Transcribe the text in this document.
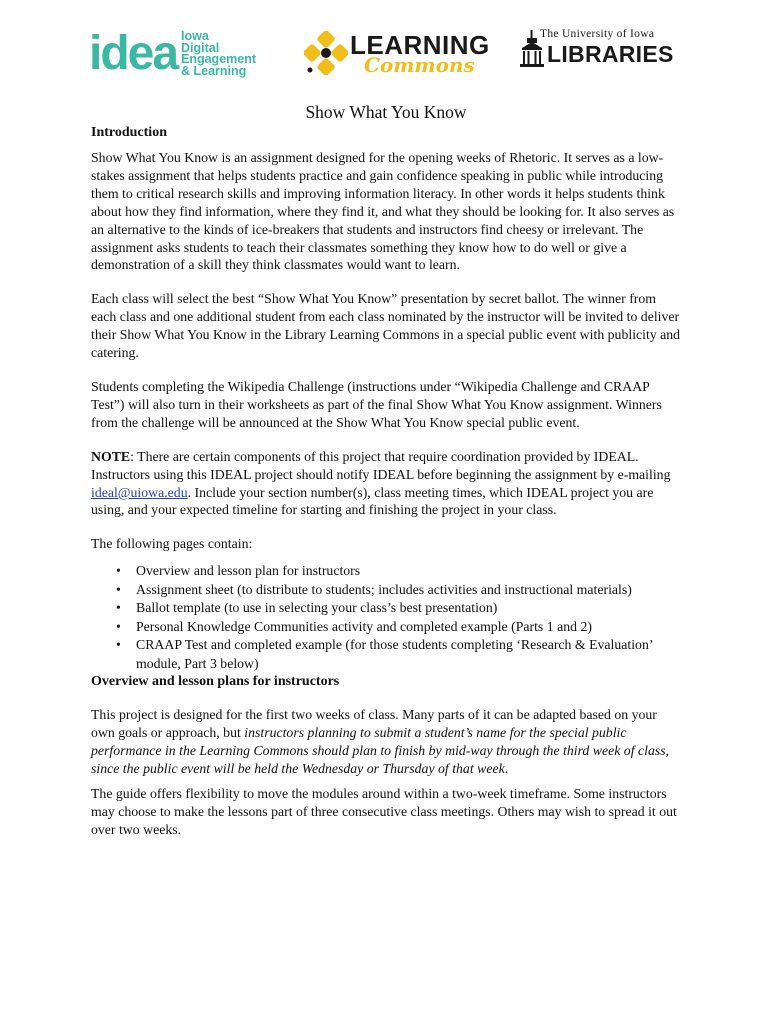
idea Iowa
Digital
Engagement
& Learning
LEARNING
Commons
The University of Iowa
LIBRARIES
Show What You Know
Introduction

Show What You Know is an assignment designed for the opening weeks of Rhetoric. It serves as a low-stakes assignment that helps students practice and gain confidence speaking in public while introducing them to critical research skills and improving information literacy. In other words it helps students think about how they find information, where they find it, and what they should be looking for. It also serves as an alternative to the kinds of ice-breakers that students and instructors find cheesy or irrelevant. The assignment asks students to teach their classmates something they know how to do well or give a demonstration of a skill they think classmates would want to learn.

Each class will select the best “Show What You Know” presentation by secret ballot. The winner from each class and one additional student from each class nominated by the instructor will be invited to deliver their Show What You Know in the Library Learning Commons in a special public event with publicity and catering.

Students completing the Wikipedia Challenge (instructions under “Wikipedia Challenge and CRAAP Test”) will also turn in their worksheets as part of the final Show What You Know assignment. Winners from the challenge will be announced at the Show What You Know special public event.

NOTE: There are certain components of this project that require coordination provided by IDEAL. Instructors using this IDEAL project should notify IDEAL before beginning the assignment by e-mailing ideal@uiowa.edu. Include your section number(s), class meeting times, which IDEAL project you are using, and your expected timeline for starting and finishing the project in your class.

The following pages contain:

• Overview and lesson plan for instructors
• Assignment sheet (to distribute to students; includes activities and instructional materials)
• Ballot template (to use in selecting your class’s best presentation)
• Personal Knowledge Communities activity and completed example (Parts 1 and 2)
• CRAAP Test and completed example (for those students completing ‘Research & Evaluation’ module, Part 3 below)
Overview and lesson plans for instructors

This project is designed for the first two weeks of class. Many parts of it can be adapted based on your own goals or approach, but instructors planning to submit a student’s name for the special public performance in the Learning Commons should plan to finish by mid-way through the third week of class, since the public event will be held the Wednesday or Thursday of that week.

The guide offers flexibility to move the modules around within a two-week timeframe. Some instructors may choose to make the lessons part of three consecutive class meetings. Others may wish to spread it out over two weeks.
